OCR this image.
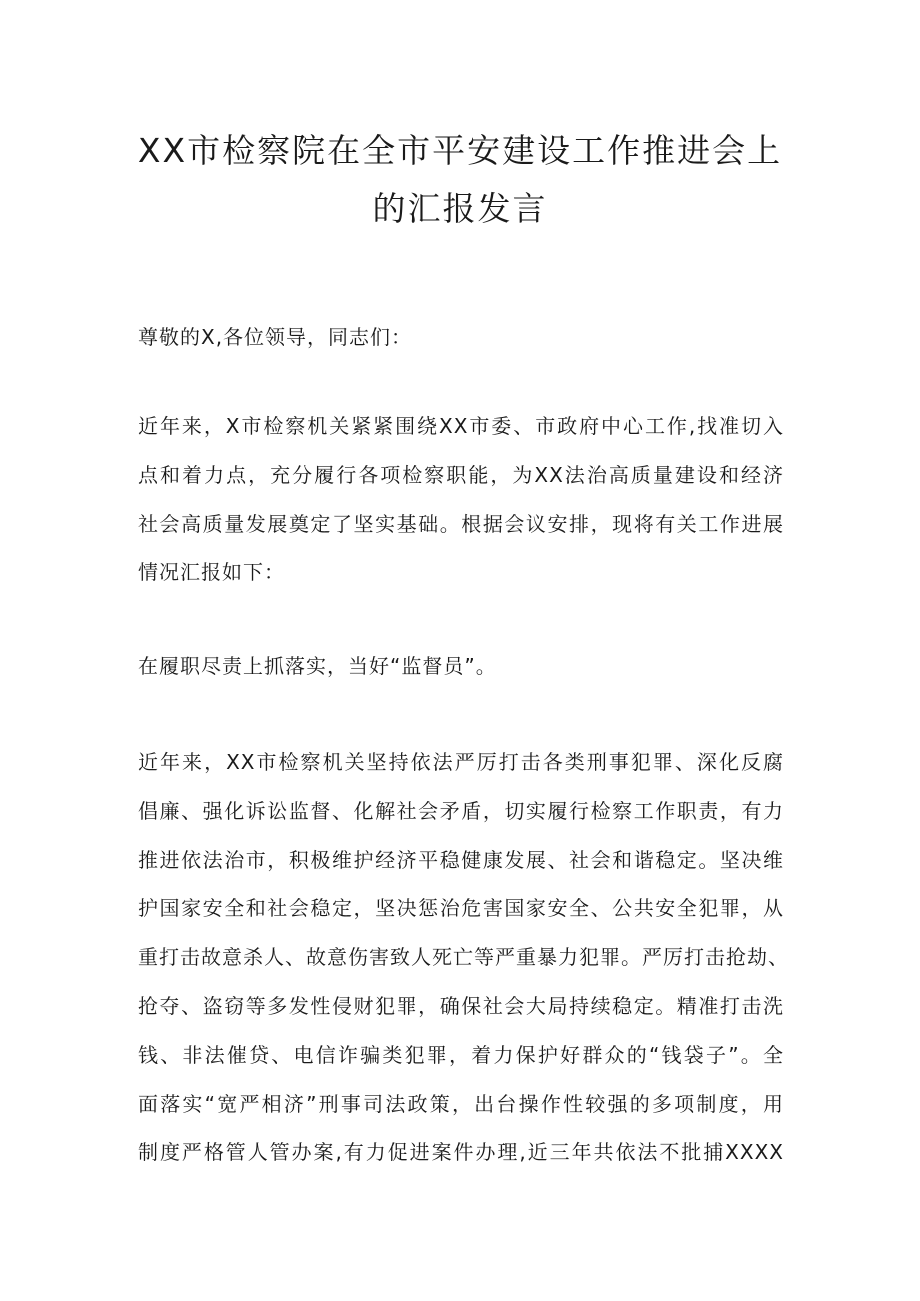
XX市检察院在全市平安建设工作推进会上
的汇报发言

尊敬的X,各位领导，同志们：

近年来，X市检察机关紧紧围绕XX市委、市政府中心工作,找准切入
点和着力点，充分履行各项检察职能，为XX法治高质量建设和经济
社会高质量发展奠定了坚实基础。根据会议安排，现将有关工作进展
情况汇报如下：

在履职尽责上抓落实，当好“监督员”。

近年来，XX市检察机关坚持依法严厉打击各类刑事犯罪、深化反腐
倡廉、强化诉讼监督、化解社会矛盾，切实履行检察工作职责，有力
推进依法治市，积极维护经济平稳健康发展、社会和谐稳定。坚决维
护国家安全和社会稳定，坚决惩治危害国家安全、公共安全犯罪，从
重打击故意杀人、故意伤害致人死亡等严重暴力犯罪。严厉打击抢劫、
抢夺、盗窃等多发性侵财犯罪，确保社会大局持续稳定。精准打击洗
钱、非法催贷、电信诈骗类犯罪，着力保护好群众的“钱袋子”。全
面落实“宽严相济”刑事司法政策，出台操作性较强的多项制度，用
制度严格管人管办案,有力促进案件办理,近三年共依法不批捕XXXX
